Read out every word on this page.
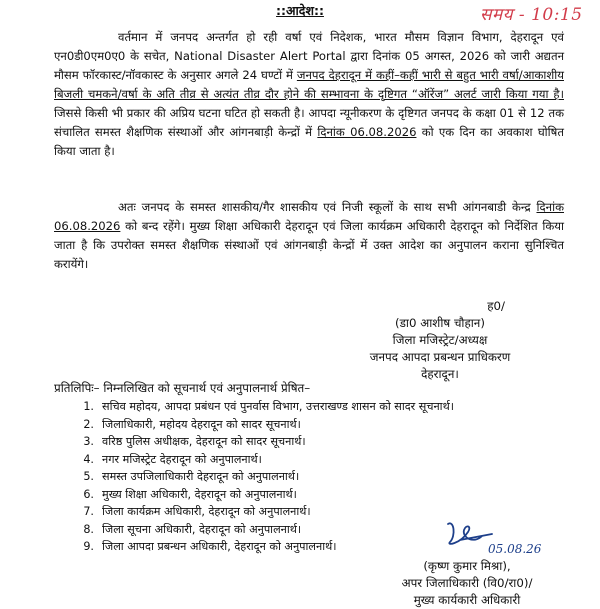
::आदेश::	समय - 10:15
वर्तमान में जनपद अन्तर्गत हो रही वर्षा एवं निदेशक, भारत मौसम विज्ञान विभाग, देहरादून एवं एन0डी0एम0ए0 के सचेत, National Disaster Alert Portal द्वारा दिनांक 05 अगस्त, 2026 को जारी अद्यतन मौसम फॉरकास्ट/नॉवकास्ट के अनुसार अगले 24 घण्टों में जनपद देहरादून में कहीं–कहीं भारी से बहुत भारी वर्षा/आकाशीय बिजली चमकने/वर्षा के अति तीव्र से अत्यंत तीव्र दौर होने की सम्भावना के दृष्टिगत “ऑरेंज” अलर्ट जारी किया गया है। जिससे किसी भी प्रकार की अप्रिय घटना घटित हो सकती है। आपदा न्यूनीकरण के दृष्टिगत जनपद के कक्षा 01 से 12 तक संचालित समस्त शैक्षणिक संस्थाओं और आंगनबाड़ी केन्द्रों में दिनांक 06.08.2026 को एक दिन का अवकाश घोषित किया जाता है।
अतः जनपद के समस्त शासकीय/गैर शासकीय एवं निजी स्कूलों के साथ सभी आंगनबाडी केन्द्र दिनांक 06.08.2026 को बन्द रहेंगे। मुख्य शिक्षा अधिकारी देहरादून एवं जिला कार्यक्रम अधिकारी देहरादून को निर्देशित किया जाता है कि उपरोक्त समस्त शैक्षणिक संस्थाओं एवं आंगनबाड़ी केन्द्रों में उक्त आदेश का अनुपालन कराना सुनिश्चित करायेंगे।
ह0/
(डा0 आशीष चौहान)
जिला मजिस्ट्रेट/अध्यक्ष
जनपद आपदा प्रबन्धन प्राधिकरण
देहरादून।
प्रतिलिपिः– निम्नलिखित को सूचनार्थ एवं अनुपालनार्थ प्रेषित–
1. सचिव महोदय, आपदा प्रबंधन एवं पुनर्वास विभाग, उत्तराखण्ड शासन को सादर सूचनार्थ।
2. जिलाधिकारी, महोदय देहरादून को सादर सूचनार्थ।
3. वरिष्ठ पुलिस अधीक्षक, देहरादून को सादर सूचनार्थ।
4. नगर मजिस्ट्रेट देहरादून को अनुपालनार्थ।
5. समस्त उपजिलाधिकारी देहरादून को अनुपालनार्थ।
6. मुख्य शिक्षा अधिकारी, देहरादून को अनुपालनार्थ।
7. जिला कार्यक्रम अधिकारी, देहरादून को अनुपालनार्थ।
8. जिला सूचना अधिकारी, देहरादून को अनुपालनार्थ।
9. जिला आपदा प्रबन्धन अधिकारी, देहरादून को अनुपालनार्थ।	05.08.26
(कृष्ण कुमार मिश्रा),
अपर जिलाधिकारी (वि0/रा0)/
मुख्य कार्यकारी अधिकारी
